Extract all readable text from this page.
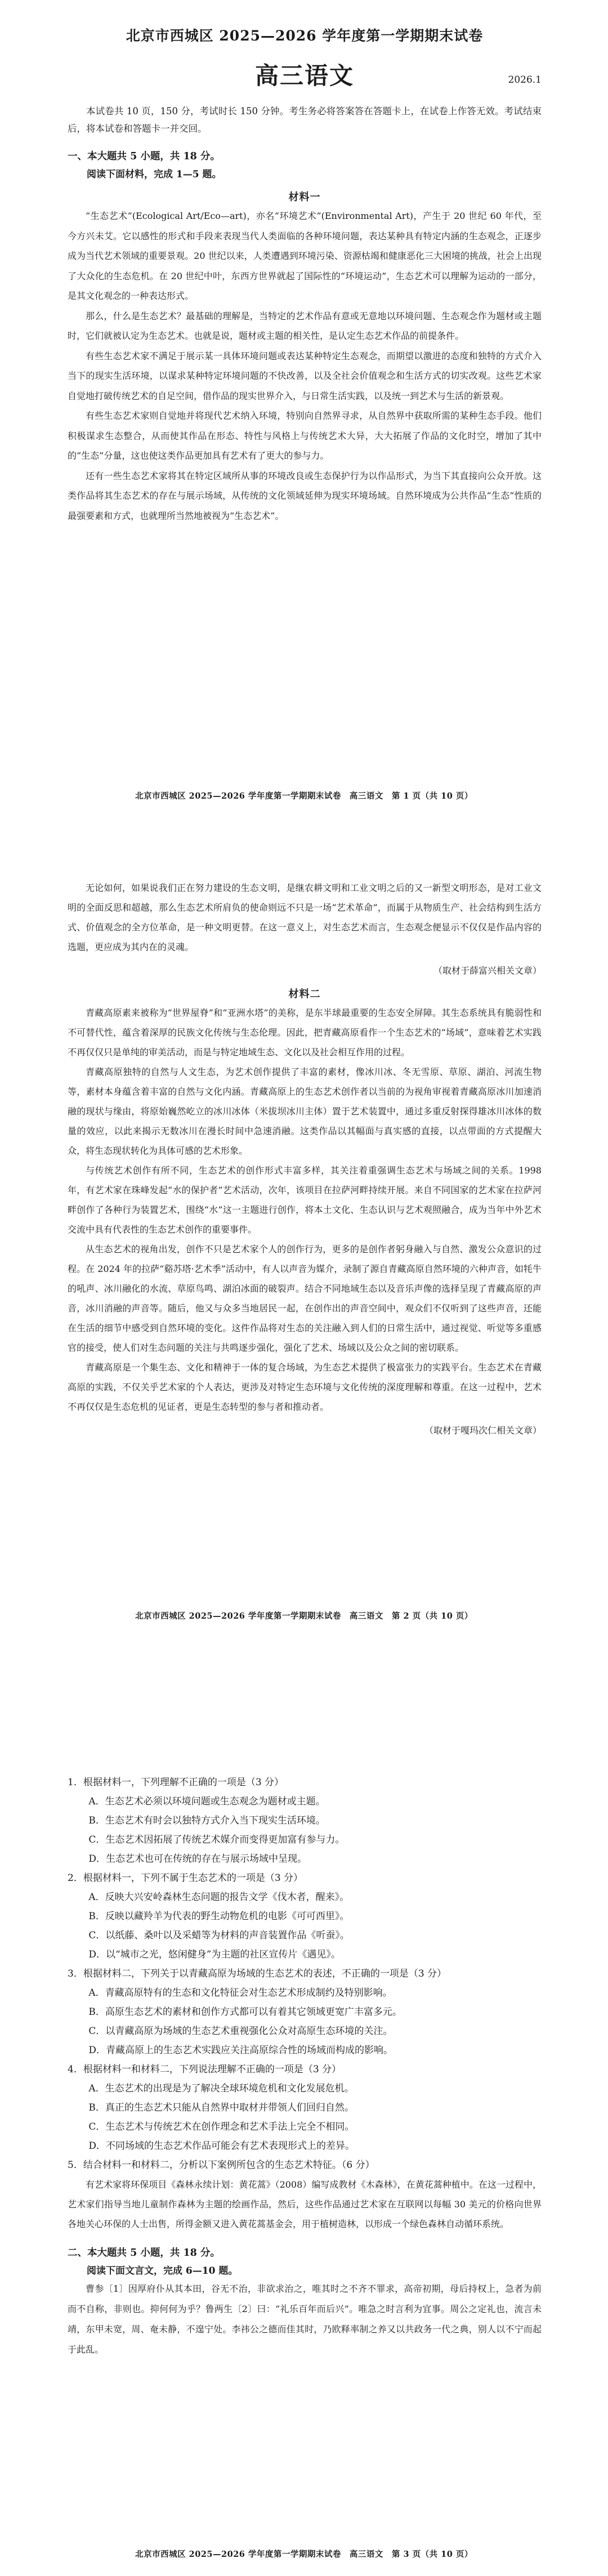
北京市西城区 2025—2026 学年度第一学期期末试卷
高三语文	2026.1

本试卷共 10 页，150 分，考试时长 150 分钟。考生务必将答案答在答题卡上，在试卷上作答无效。考试结束后，将本试卷和答题卡一并交回。

一、本大题共 5 小题，共 18 分。
阅读下面材料，完成 1—5 题。
材料一

“生态艺术”(Ecological Art/Eco—art)，亦名“环境艺术”(Environmental Art)，产生于 20 世纪 60 年代，至今方兴未艾。它以感性的形式和手段来表现当代人类面临的各种环境问题，表达某种具有特定内涵的生态观念，正逐步成为当代艺术领域的重要景观。20 世纪以来，人类遭遇到环境污染、资源枯竭和健康恶化三大困境的挑战，社会上出现了大众化的生态危机。在 20 世纪中叶，东西方世界就起了国际性的“环境运动”，生态艺术可以理解为运动的一部分，是其文化观念的一种表达形式。

那么，什么是生态艺术？最基础的理解是，当特定的艺术作品有意或无意地以环境问题、生态观念作为题材或主题时，它们就被认定为生态艺术。也就是说，题材或主题的相关性，是认定生态艺术作品的前提条件。

有些生态艺术家不满足于展示某一具体环境问题或表达某种特定生态观念，而期望以激进的态度和独特的方式介入当下的现实生活环境，以谋求某种特定环境问题的不快改善，以及全社会价值观念和生活方式的切实改观。这些艺术家自觉地打破传统艺术的自足空间，借作品的现实世界介入，与日常生活实践，以及统一到艺术与生活的新景观。

有些生态艺术家则自觉地并将现代艺术纳入环境，特别向自然界寻求，从自然界中获取所需的某种生态手段。他们积极谋求生态整合，从而使其作品在形态、特性与风格上与传统艺术大异，大大拓展了作品的文化时空，增加了其中的“生态”分量，这也使这类作品更加具有艺术有了更大的参与力。

还有一些生态艺术家将其在特定区域所从事的环境改良或生态保护行为以作品形式，为当下其直接向公众开放。这类作品将其生态艺术的存在与展示场域，从传统的文化领域延伸为现实环境场域。自然环境成为公共作品“生态”性质的最强要素和方式，也就理所当然地被视为“生态艺术”。

北京市西城区 2025—2026 学年度第一学期期末试卷　高三语文　第 1 页（共 10 页）

无论如何，如果说我们正在努力建设的生态文明，是继农耕文明和工业文明之后的又一新型文明形态，是对工业文明的全面反思和超越，那么生态艺术所肩负的使命则远不只是一场“艺术革命”，而属于从物质生产、社会结构到生活方式、价值观念的全方位革命，是一种文明更替。在这一意义上，对生态艺术而言，生态观念便显示不仅仅是作品内容的选题，更应成为其内在的灵魂。

（取材于薛富兴相关文章）
材料二

青藏高原素来被称为“世界屋脊”和“亚洲水塔”的美称，是东半球最重要的生态安全屏障。其生态系统具有脆弱性和不可替代性，蕴含着深厚的民族文化传统与生态伦理。因此，把青藏高原看作一个生态艺术的“场域”，意味着艺术实践不再仅仅只是单纯的审美活动，而是与特定地域生态、文化以及社会相互作用的过程。

青藏高原独特的自然与人文生态，为艺术创作提供了丰富的素材，像冰川冰、冬无雪原、草原、湖泊、河流生物等，素材本身蕴含着丰富的自然与文化内涵。青藏高原上的生态艺术创作者以当前的为视角审视着青藏高原冰川加速消融的现状与缘由，将原始巍然屹立的冰川冰体（米拔坝冰川主体）置于艺术装置中，通过多重反射探得雄冰川冰体的数量的效应，以此来揭示无数冰川在漫长时间中急速消融。这类作品以其幅面与真实感的直接，以点带面的方式提醒大众，将生态现状转化为具体可感的艺术形象。

与传统艺术创作有所不同，生态艺术的创作形式丰富多样，其关注着重强调生态艺术与场域之间的关系。1998 年，有艺术家在珠峰发起“水的保护者”艺术活动，次年，该项目在拉萨河畔持续开展。来自不同国家的艺术家在拉萨河畔创作了各种行为装置艺术，围绕“水”这一主题进行创作，将本土文化、生态认识与艺术观照融合，成为当年中外艺术交流中具有代表性的生态艺术创作的重要事件。

从生态艺术的视角出发，创作不只是艺术家个人的创作行为，更多的是创作者躬身融入与自然、激发公众意识的过程。在 2024 年的拉萨“谿苏塔·艺术季”活动中，有人以声音为媒介，录制了源自青藏高原自然环境的六种声音，如牦牛的吼声、冰川融化的水流、草原鸟鸣、湖泊冰面的破裂声。结合不同地域生态以及音乐声像的选择呈现了青藏高原的声音，冰川消融的声音等。随后，他又与众多当地居民一起，在创作出的声音空间中，观众们不仅听到了这些声音，还能在生活的细节中感受到自然环境的变化。这件作品将对生态的关注融入到人们的日常生活中，通过视觉、听觉等多重感官的接受，使人们对生态问题的关注与共鸣逐步强化，强化了艺术、场域以及公众之间的密切联系。

青藏高原是一个集生态、文化和精神于一体的复合场域，为生态艺术提供了极富张力的实践平台。生态艺术在青藏高原的实践，不仅关乎艺术家的个人表达，更涉及对特定生态环境与文化传统的深度理解和尊重。在这一过程中，艺术不再仅仅是生态危机的见证者，更是生态转型的参与者和推动者。

（取材于嘎玛次仁相关文章）
北京市西城区 2025—2026 学年度第一学期期末试卷　高三语文　第 2 页（共 10 页）

1．根据材料一，下列理解不正确的一项是（3 分）

A．生态艺术必须以环境问题或生态观念为题材或主题。

B．生态艺术有时会以独特方式介入当下现实生活环境。

C．生态艺术因拓展了传统艺术媒介而变得更加富有参与力。

D．生态艺术也可在传统的存在与展示场域中呈现。

2．根据材料一，下列不属于生态艺术的一项是（3 分）

A．反映大兴安岭森林生态问题的报告文学《伐木者，醒来》。

B．反映以藏羚羊为代表的野生动物危机的电影《可可西里》。

C．以纸藤、桑叶以及采蜡等为材料的声音装置作品《听蚕》。

D．以“城市之光，悠闲健身”为主题的社区宣传片《遇见》。

3．根据材料二，下列关于以青藏高原为场域的生态艺术的表述，不正确的一项是（3 分）

A．青藏高原特有的生态和文化特征会对生态艺术形成制约及特别影响。

B．高原生态艺术的素材和创作方式都可以有着其它领域更宽广丰富多元。

C．以青藏高原为场域的生态艺术重视强化公众对高原生态环境的关注。

D．青藏高原上的生态艺术实践应关注高原综合性的场域而构成的影响。

4．根据材料一和材料二，下列说法理解不正确的一项是（3 分）

A．生态艺术的出现是为了解决全球环境危机和文化发展危机。

B．真正的生态艺术只能从自然界中取材并带领人们回归自然。

C．生态艺术与传统艺术在创作理念和艺术手法上完全不相同。

D．不同场域的生态艺术作品可能会有艺术表现形式上的差异。

5．结合材料一和材料二，分析以下案例所包含的生态艺术特征。（6 分）

有艺术家将环保项目《森林永续计划：黄花蒿》（2008）编写成教材《木森林》，在黄花蒿种植中。在这一过程中，艺术家们指导当地儿童制作森林为主题的绘画作品，然后，这些作品通过艺术家在互联网以每幅 30 美元的价格向世界各地关心环保的人士出售，所得金额又进入黄花蒿基金会，用于植树造林，以形成一个绿色森林自动循环系统。

二、本大题共 5 小题，共 18 分。
阅读下面文言文，完成 6—10 题。

曹参〔1〕因厚府仆从其本田，谷无不治，非欲求治之，唯其时之不齐不罪求，高帝初期，母后持权上，急者为前而不自称，非则也。抑何何为乎？鲁两生〔2〕曰：“礼乐百年而后兴”。唯急之时言利为宜事。周公之定礼也，流言未靖，东甲未宽，周、奄未静，不遑宁处。李祎公之德而佳其时，乃欧释率制之养又以共政务一代之典，别人以不宁而起于此乱。

北京市西城区 2025—2026 学年度第一学期期末试卷　高三语文　第 3 页（共 10 页）
